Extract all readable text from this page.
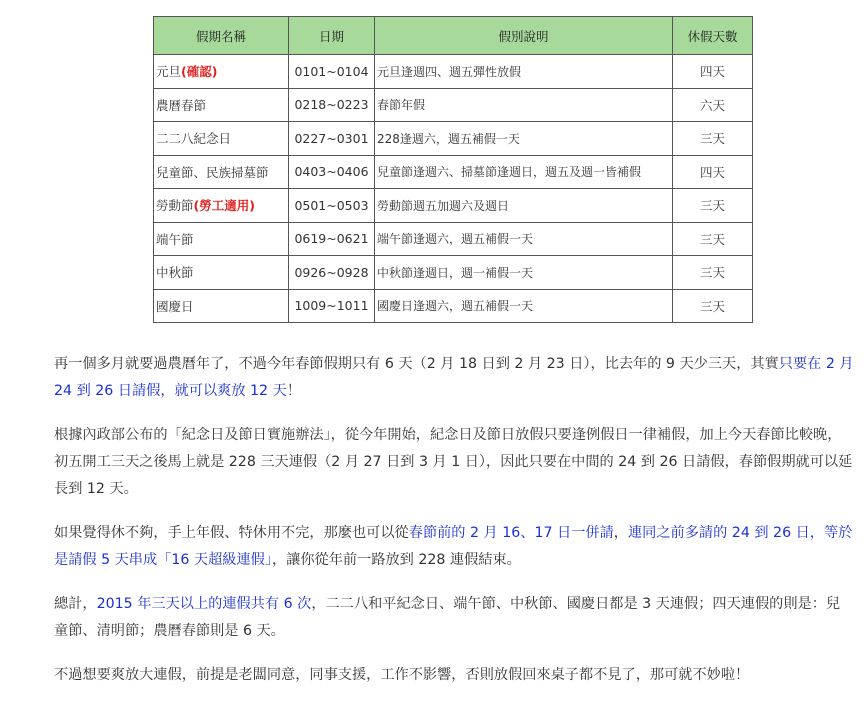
假期名稱	日期	假別說明	休假天數
元旦(確認)	0101~0104	元旦逢週四、週五彈性放假	四天
農曆春節	0218~0223	春節年假	六天
二二八紀念日	0227~0301	228逢週六，週五補假一天	三天
兒童節、民族掃墓節	0403~0406	兒童節逢週六、掃墓節逢週日，週五及週一皆補假	四天
勞動節(勞工適用)	0501~0503	勞動節週五加週六及週日	三天
端午節	0619~0621	端午節逢週六，週五補假一天	三天
中秋節	0926~0928	中秋節逢週日，週一補假一天	三天
國慶日	1009~1011	國慶日逢週六，週五補假一天	三天

再一個多月就要過農曆年了，不過今年春節假期只有 6 天（2 月 18 日到 2 月 23 日），比去年的 9 天少三天，其實只要在 2 月 24 到 26 日請假，就可以爽放 12 天！

根據內政部公布的「紀念日及節日實施辦法」，從今年開始，紀念日及節日放假只要逢例假日一律補假，加上今天春節比較晚，初五開工三天之後馬上就是 228 三天連假（2 月 27 日到 3 月 1 日），因此只要在中間的 24 到 26 日請假，春節假期就可以延長到 12 天。

如果覺得休不夠，手上年假、特休用不完，那麼也可以從春節前的 2 月 16、17 日一併請，連同之前多請的 24 到 26 日，等於是請假 5 天串成「16 天超級連假」，讓你從年前一路放到 228 連假結束。

總計，2015 年三天以上的連假共有 6 次，二二八和平紀念日、端午節、中秋節、國慶日都是 3 天連假；四天連假的則是：兒童節、清明節；農曆春節則是 6 天。

不過想要爽放大連假，前提是老闆同意，同事支援，工作不影響，否則放假回來桌子都不見了，那可就不妙啦！
